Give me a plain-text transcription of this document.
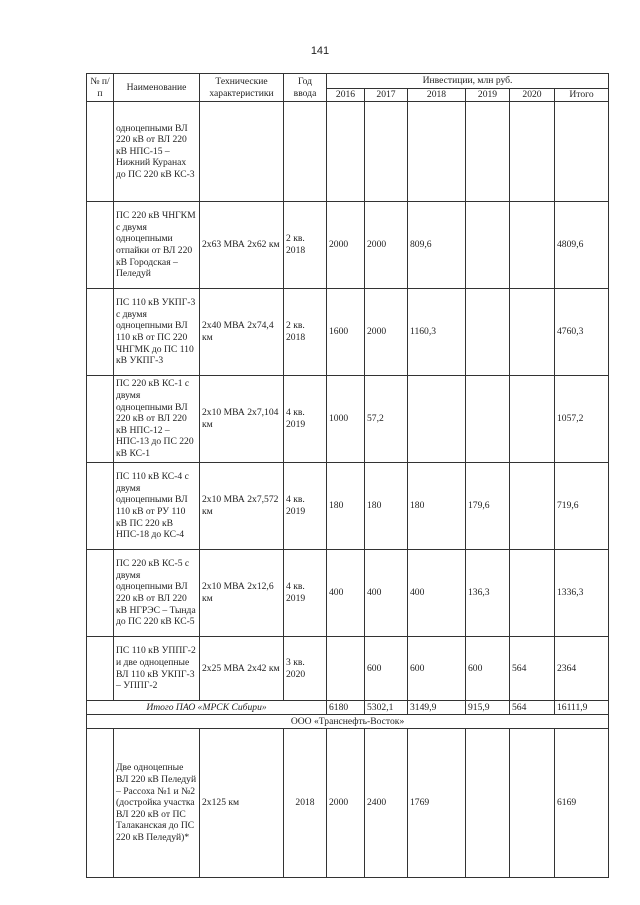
141
№ п/п	Наименование	Технические характеристики	Год ввода	Инвестиции, млн руб.					
				2016	2017	2018	2019	2020	Итого
	одноцепными ВЛ 220 кВ от ВЛ 220 кВ НПС-15 – Нижний Куранах до ПС 220 кВ КС-3								
	ПС 220 кВ ЧНГКМ с двумя одноцепными отпайки от ВЛ 220 кВ Городская – Пеледуй	2х63 МВА 2х62 км	2 кв. 2018	2000	2000	809,6			4809,6
	ПС 110 кВ УКПГ-3 с двумя одноцепными ВЛ 110 кВ от ПС 220 ЧНГМК до ПС 110 кВ УКПГ-3	2х40 МВА 2х74,4 км	2 кв. 2018	1600	2000	1160,3			4760,3
	ПС 220 кВ КС-1 с двумя одноцепными ВЛ 220 кВ от ВЛ 220 кВ НПС-12 – НПС-13 до ПС 220 кВ КС-1	2х10 МВА 2х7,104 км	4 кв. 2019	1000	57,2				1057,2
	ПС 110 кВ КС-4 с двумя одноцепными ВЛ 110 кВ от РУ 110 кВ ПС 220 кВ НПС-18 до КС-4	2х10 МВА 2х7,572 км	4 кв. 2019	180	180	180	179,6		719,6
	ПС 220 кВ КС-5 с двумя одноцепными ВЛ 220 кВ от ВЛ 220 кВ НГРЭС – Тында до ПС 220 кВ КС-5	2х10 МВА 2х12,6 км	4 кв. 2019	400	400	400	136,3		1336,3
	ПС 110 кВ УППГ-2 и две одноцепные ВЛ 110 кВ УКПГ-3 – УППГ-2	2х25 МВА 2х42 км	3 кв. 2020		600	600	600	564	2364
Итого ПАО «МРСК Сибири»				6180	5302,1	3149,9	915,9	564	16111,9
ООО «Транснефть-Восток»									
	Две одноцепные ВЛ 220 кВ Пеледуй – Рассоха №1 и №2 (достройка участка ВЛ 220 кВ от ПС Талаканская до ПС 220 кВ Пеледуй)*	2х125 км	2018	2000	2400	1769			6169
